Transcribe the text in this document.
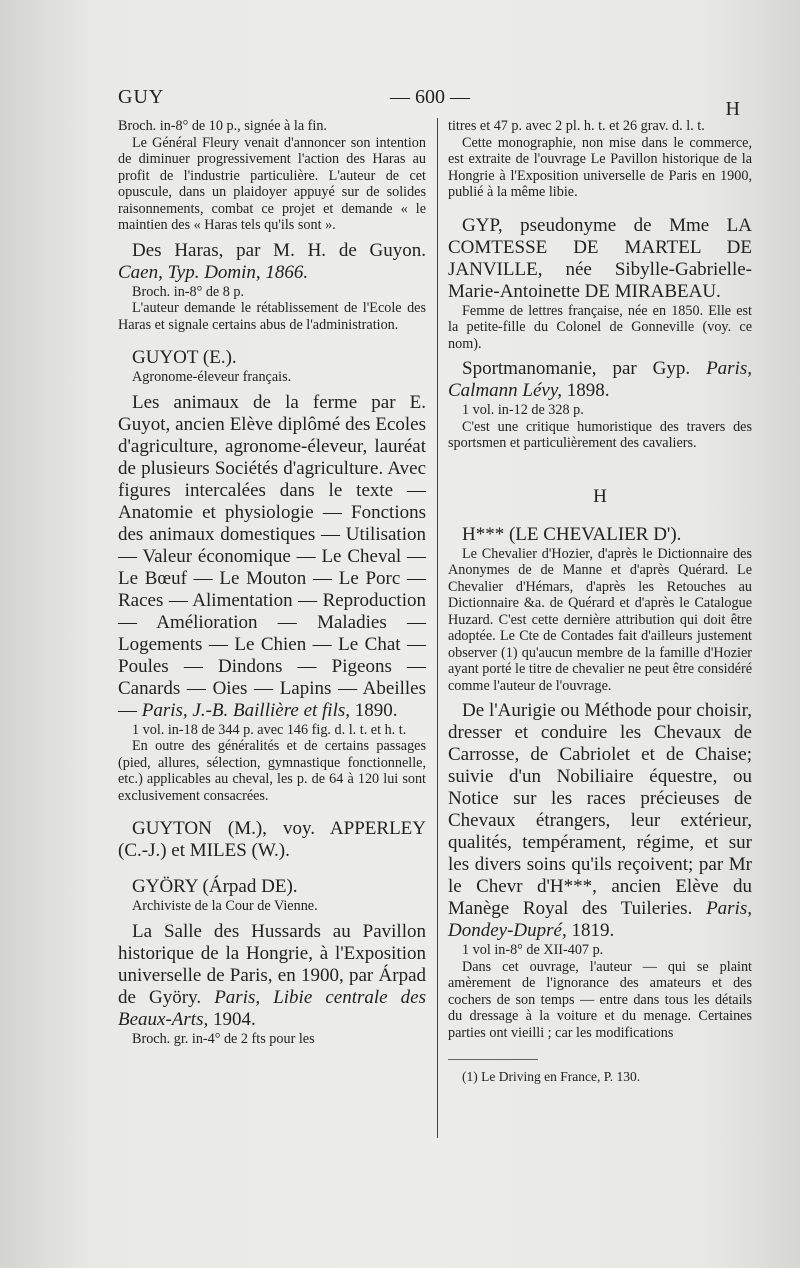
GUY	— 600 —
H

Broch. in-8° de 10 p., signée à la fin.

Le Général Fleury venait d'annoncer son intention de diminuer progressivement l'action des Haras au profit de l'industrie particulière. L'auteur de cet opuscule, dans un plaidoyer appuyé sur de solides raisonnements, combat ce projet et demande « le maintien des « Haras tels qu'ils sont ».

Des Haras, par M. H. de Guyon. Caen, Typ. Domin, 1866.

Broch. in-8° de 8 p.

L'auteur demande le rétablissement de l'Ecole des Haras et signale certains abus de l'administration.

GUYOT (E.).

Agronome-éleveur français.

Les animaux de la ferme par E. Guyot, ancien Elève diplômé des Ecoles d'agriculture, agronome-éleveur, lauréat de plusieurs Sociétés d'agriculture. Avec figures intercalées dans le texte — Anatomie et physiologie — Fonctions des animaux domestiques — Utilisation — Valeur économique — Le Cheval — Le Bœuf — Le Mouton — Le Porc — Races — Alimentation — Reproduction — Amélioration — Maladies — Logements — Le Chien — Le Chat — Poules — Dindons — Pigeons — Canards — Oies — Lapins — Abeilles — Paris, J.-B. Baillière et fils, 1890.

1 vol. in-18 de 344 p. avec 146 fig. d. l. t. et h. t.

En outre des généralités et de certains passages (pied, allures, sélection, gymnastique fonctionnelle, etc.) applicables au cheval, les p. de 64 à 120 lui sont exclusivement consacrées.

GUYTON (M.), voy. APPERLEY (C.-J.) et MILES (W.).

GYÖRY (Árpad DE).

Archiviste de la Cour de Vienne.

La Salle des Hussards au Pavillon historique de la Hongrie, à l'Exposition universelle de Paris, en 1900, par Árpad de Györy. Paris, Libie centrale des Beaux-Arts, 1904.

Broch. gr. in-4° de 2 fts pour les

titres et 47 p. avec 2 pl. h. t. et 26 grav. d. l. t.

Cette monographie, non mise dans le commerce, est extraite de l'ouvrage Le Pavillon historique de la Hongrie à l'Exposition universelle de Paris en 1900, publié à la même libie.

GYP, pseudonyme de Mme LA COMTESSE DE MARTEL DE JANVILLE, née Sibylle-Gabrielle-Marie-Antoinette DE MIRABEAU.

Femme de lettres française, née en 1850. Elle est la petite-fille du Colonel de Gonneville (voy. ce nom).

Sportmanomanie, par Gyp. Paris, Calmann Lévy, 1898.

1 vol. in-12 de 328 p.

C'est une critique humoristique des travers des sportsmen et particulièrement des cavaliers.

H

H*** (LE CHEVALIER D').

Le Chevalier d'Hozier, d'après le Dictionnaire des Anonymes de de Manne et d'après Quérard. Le Chevalier d'Hémars, d'après les Retouches au Dictionnaire &a. de Quérard et d'après le Catalogue Huzard. C'est cette dernière attribution qui doit être adoptée. Le Cte de Contades fait d'ailleurs justement observer (1) qu'aucun membre de la famille d'Hozier ayant porté le titre de chevalier ne peut être considéré comme l'auteur de l'ouvrage.

De l'Aurigie ou Méthode pour choisir, dresser et conduire les Chevaux de Carrosse, de Cabriolet et de Chaise; suivie d'un Nobiliaire équestre, ou Notice sur les races précieuses de Chevaux étrangers, leur extérieur, qualités, tempérament, régime, et sur les divers soins qu'ils reçoivent; par Mr le Chevr d'H***, ancien Elève du Manège Royal des Tuileries. Paris, Dondey-Dupré, 1819.

1 vol in-8° de XII-407 p.

Dans cet ouvrage, l'auteur — qui se plaint amèrement de l'ignorance des amateurs et des cochers de son temps — entre dans tous les détails du dressage à la voiture et du menage. Certaines parties ont vieilli ; car les modifications

(1) Le Driving en France, P. 130.
